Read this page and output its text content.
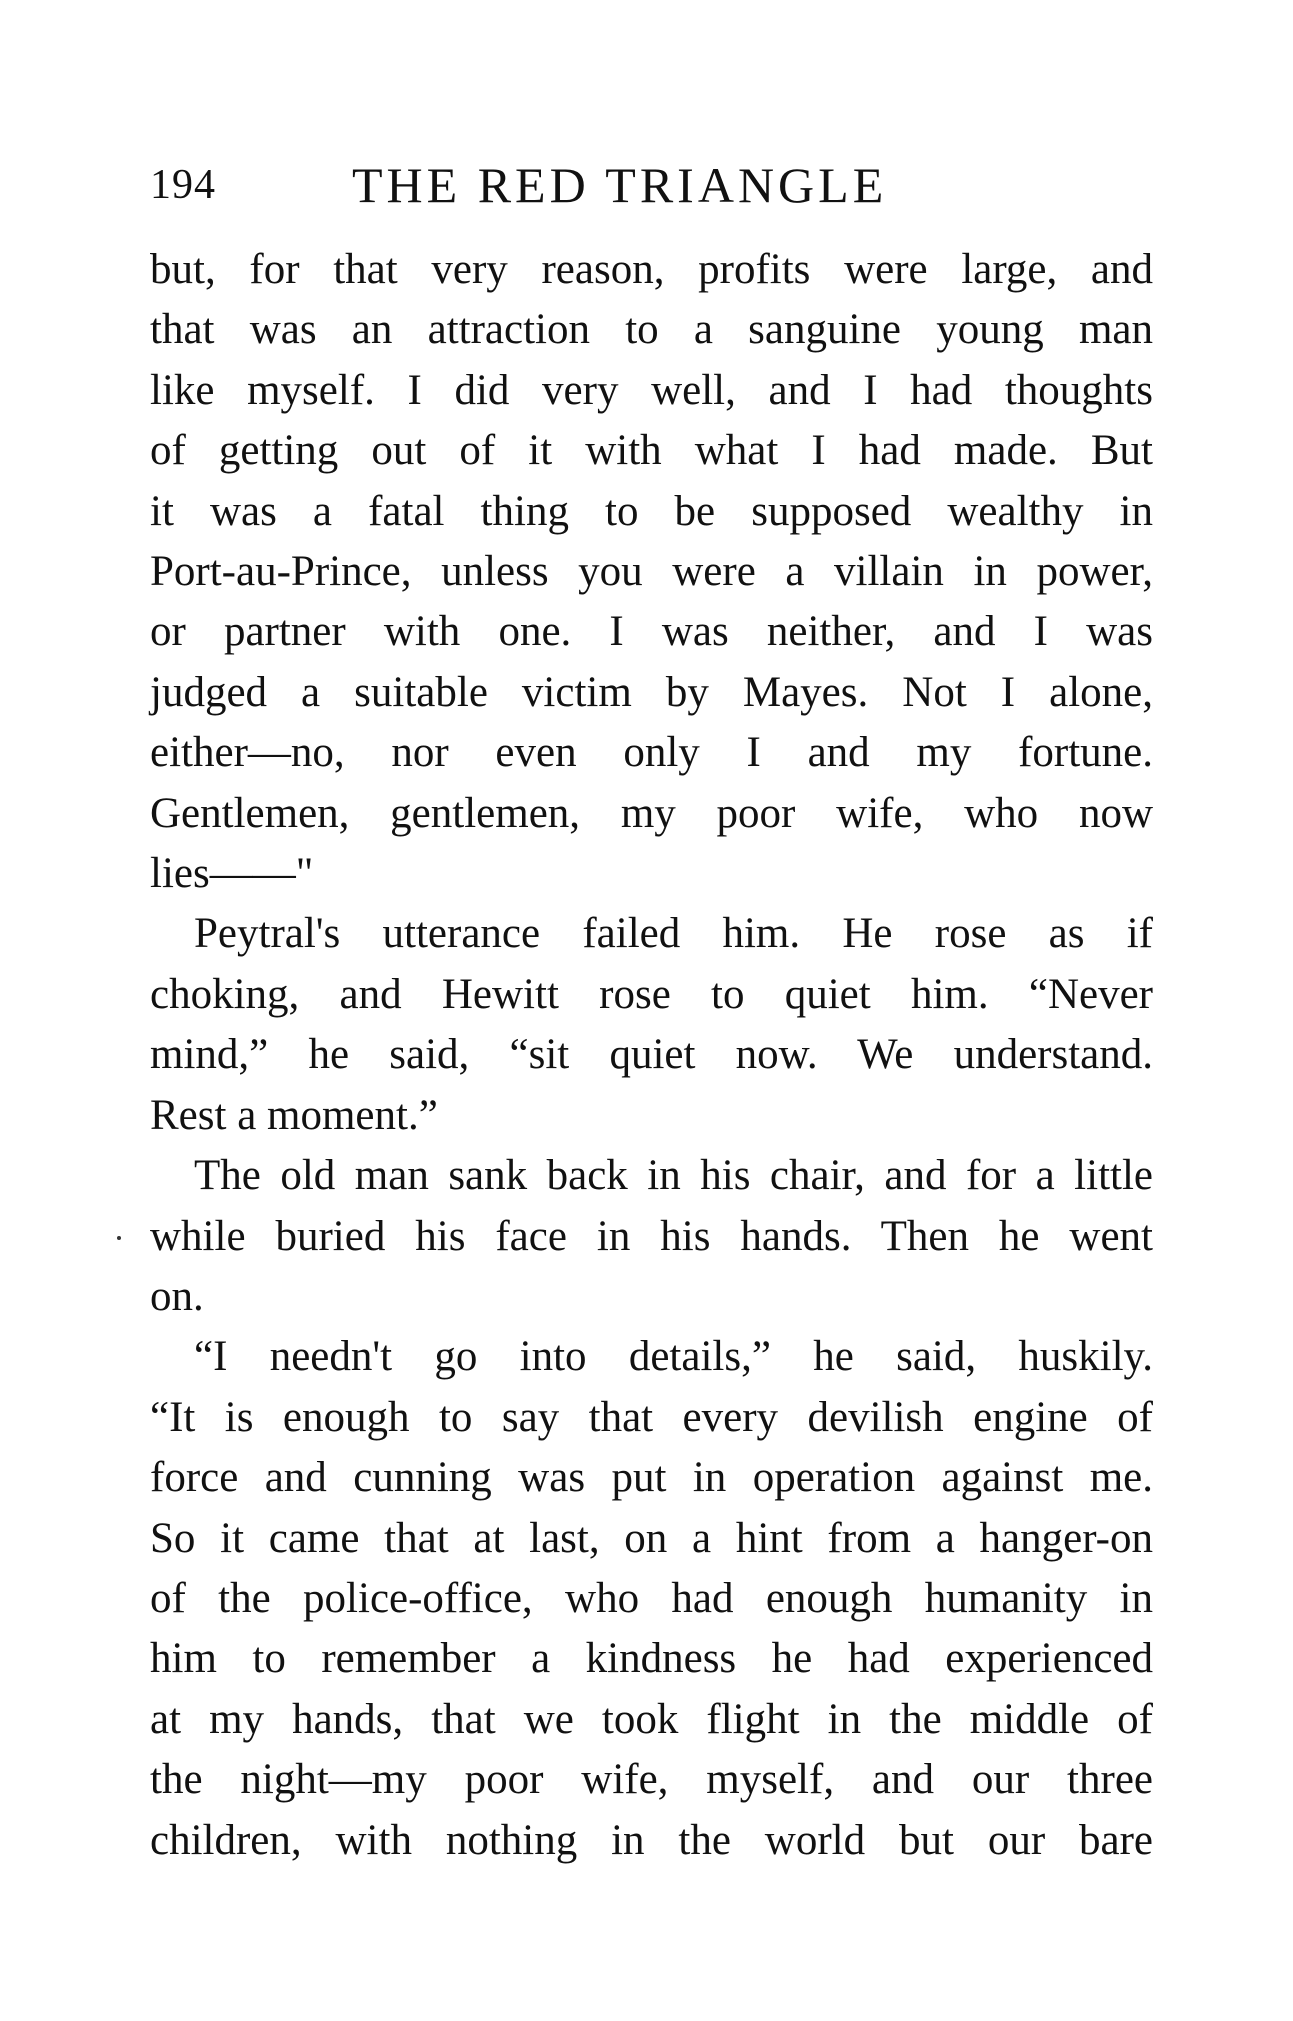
194	THE RED TRIANGLE

but, for that very reason, profits were large, and
that was an attraction to a sanguine young man
like myself. I did very well, and I had thoughts
of getting out of it with what I had made. But
it was a fatal thing to be supposed wealthy in
Port-au-Prince, unless you were a villain in power,
or partner with one. I was neither, and I was
judged a suitable victim by Mayes. Not I alone,
either—no, nor even only I and my fortune.
Gentlemen, gentlemen, my poor wife, who now
lies——"

Peytral's utterance failed him. He rose as if
choking, and Hewitt rose to quiet him. “Never
mind,” he said, “sit quiet now. We understand.
Rest a moment.”

The old man sank back in his chair, and for a little
while buried his face in his hands. Then he went
on.

“I needn't go into details,” he said, huskily.
“It is enough to say that every devilish engine of
force and cunning was put in operation against me.
So it came that at last, on a hint from a hanger-on
of the police-office, who had enough humanity in
him to remember a kindness he had experienced
at my hands, that we took flight in the middle of
the night—my poor wife, myself, and our three
children, with nothing in the world but our bare
